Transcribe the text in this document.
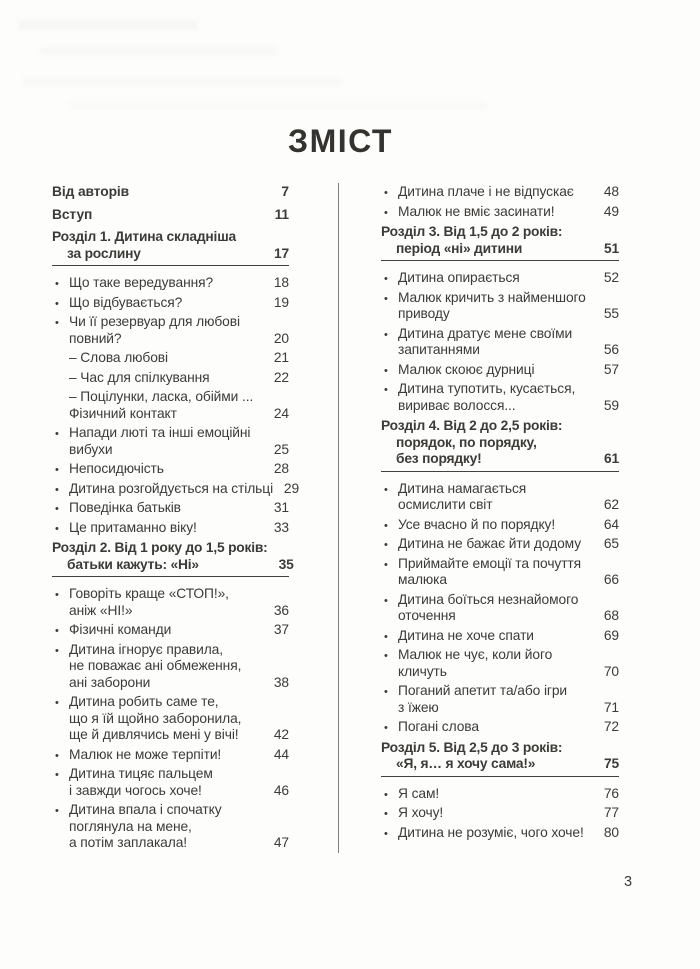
ЗМІСТ
Від авторів	7
Вступ	11
Розділ 1. Дитина складніша
за рослину	17
• Що таке вередування?	18
• Що відбувається?	19
• Чи її резервуар для любові
повний?	20
– Слова любові	21
– Час для спілкування	22
– Поцілунки, ласка, обійми ...
Фізичний контакт	24
• Напади люті та інші емоційні
вибухи	25
• Непосидючість	28
• Дитина розгойдується на стільці 29
• Поведінка батьків	31
• Це притаманно віку!	33
Розділ 2. Від 1 року до 1,5 років:
батьки кажуть: «Ні»	35
• Говоріть краще «СТОП!»,
аніж «НІ!»	36
• Фізичні команди	37
• Дитина ігнорує правила,
не поважає ані обмеження,
ані заборони	38
• Дитина робить саме те,
що я їй щойно заборонила,
ще й дивлячись мені у вічі!	42
• Малюк не може терпіти!	44
• Дитина тицяє пальцем
і завжди чогось хоче!	46
• Дитина впала і спочатку
поглянула на мене,
а потім заплакала!	47
• Дитина плаче і не відпускає	48
• Малюк не вміє засинати!	49
Розділ 3. Від 1,5 до 2 років:
період «ні» дитини	51
• Дитина опирається	52
• Малюк кричить з найменшого
приводу	55
• Дитина дратує мене своїми
запитаннями	56
• Малюк скоює дурниці	57
• Дитина тупотить, кусається,
вириває волосся...	59
Розділ 4. Від 2 до 2,5 років:
порядок, по порядку,
без порядку!	61
• Дитина намагається
осмислити світ	62
• Усе вчасно й по порядку!	64
• Дитина не бажає йти додому	65
• Приймайте емоції та почуття
малюка	66
• Дитина боїться незнайомого
оточення	68
• Дитина не хоче спати	69
• Малюк не чує, коли його
кличуть	70
• Поганий апетит та/або ігри
з їжею	71
• Погані слова	72
Розділ 5. Від 2,5 до 3 років:
«Я, я… я хочу сама!»	75
• Я сам!	76
• Я хочу!	77
• Дитина не розуміє, чого хоче!	80
3
